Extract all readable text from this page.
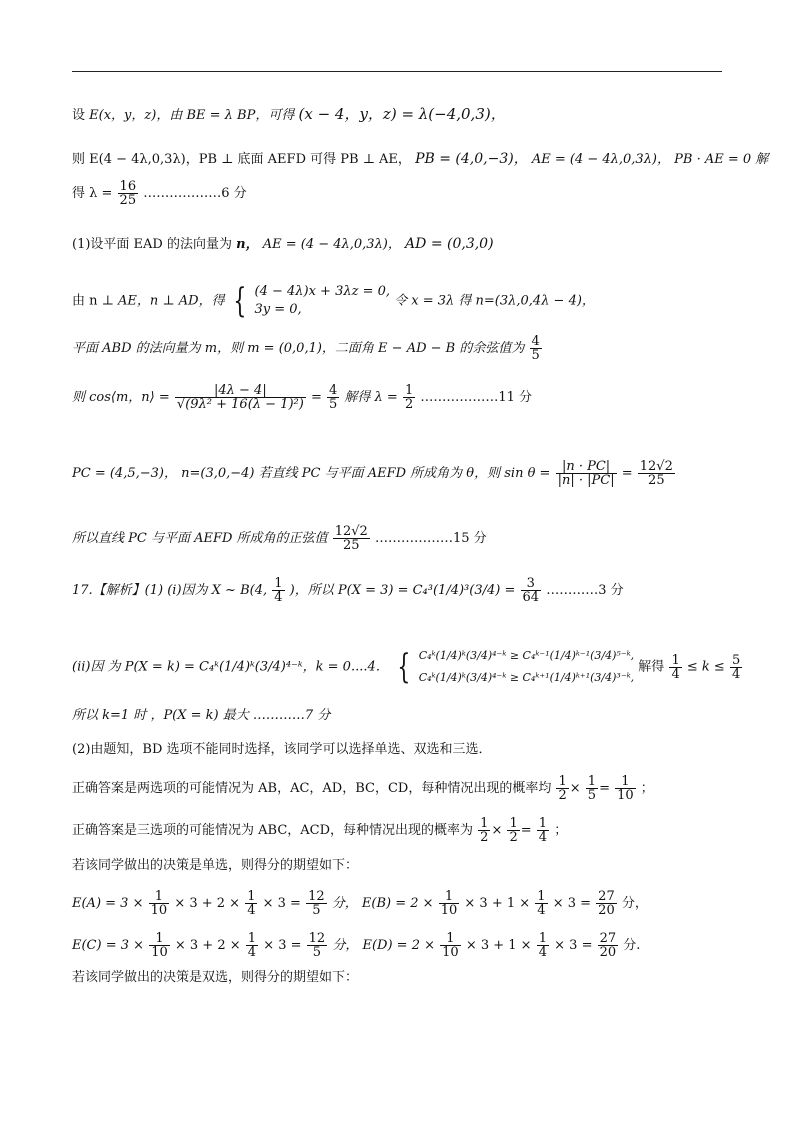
设 E(x，y，z)，由 BE = λ BP，可得 (x − 4，y，z) = λ(−4,0,3)，
则 E(4 − 4λ,0,3λ)，PB ⊥ 底面 AEFD 可得 PB ⊥ AE， PB = (4,0,−3)， AE = (4 − 4λ,0,3λ)， PB · AE = 0 解
得 $\lambda = \frac{16}{25}$ ………………6 分
(1)设平面 EAD 的法向量为 n， AE = (4 − 4λ,0,3λ)， AD = (0,3,0)
由 n ⊥ AE，n ⊥ AD，得 { (4 − 4λ)x + 3λz = 0,
3y = 0,
令 x = 3λ 得 n=(3λ,0,4λ − 4)，
平面 ABD 的法向量为 m，则 m = (0,0,1)，二面角 E − AD − B 的余弦值为 $\frac{4}{5}$
则 cos⟨m，n⟩ = $\frac{|4\lambda - 4|}{\text{√(9λ² + 16(λ − 1)²)}} = \frac{4}{5}$ 解得 $\lambda = \frac{1}{2}$ ………………11 分
PC = (4,5,−3)， n=(3,0,−4) 若直线 PC 与平面 AEFD 所成角为 θ，则 $\sin \theta = \frac{|n \cdot PC|}{|n| \cdot |PC|} = \frac{12√2}{25}$
所以直线 PC 与平面 AEFD 所成角的正弦值 $\frac{12√2}{25}$ ………………15 分
17.【解析】(1) (i)因为 X ~ B(4, $\frac{1}{4}$ )，所以 $P(X = 3) = C_4^3(1/4)^3(3/4) = \frac{3}{64}$ …………3 分
(ii)因 为 P(X = k) = C₄ᵏ(1/4)ᵏ(3/4)⁴⁻ᵏ，k = 0....4． { C₄ᵏ(1/4)ᵏ(3/4)⁴⁻ᵏ ≥ C₄ᵏ⁻¹(1/4)ᵏ⁻¹(3/4)⁵⁻ᵏ,
C₄ᵏ(1/4)ᵏ(3/4)⁴⁻ᵏ ≥ C₄ᵏ⁺¹(1/4)ᵏ⁺¹(3/4)³⁻ᵏ,
解得 $\frac{1}{4} \le k \le \frac{5}{4}$
所以 k=1 时 ，P(X = k) 最大 …………7 分
(2)由题知，BD 选项不能同时选择，该同学可以选择单选、双选和三选．
正确答案是两选项的可能情况为 AB，AC，AD，BC，CD，每种情况出现的概率均 $\frac{1}{2} \times \frac{1}{5} = \frac{1}{10}$ ；
正确答案是三选项的可能情况为 ABC，ACD，每种情况出现的概率为 $\frac{1}{2} \times \frac{1}{2} = \frac{1}{4}$ ；
若该同学做出的决策是单选，则得分的期望如下：
$E(A) = 3 \times \frac{1}{10} \times 3 + 2 \times \frac{1}{4} \times 3 = \frac{12}{5}$ 分， $E(B) = 2 \times \frac{1}{10} \times 3 + 1 \times \frac{1}{4} \times 3 = \frac{27}{20}$ 分，
$E(C) = 3 \times \frac{1}{10} \times 3 + 2 \times \frac{1}{4} \times 3 = \frac{12}{5}$ 分， $E(D) = 2 \times \frac{1}{10} \times 3 + 1 \times \frac{1}{4} \times 3 = \frac{27}{20}$ 分.
若该同学做出的决策是双选，则得分的期望如下：
